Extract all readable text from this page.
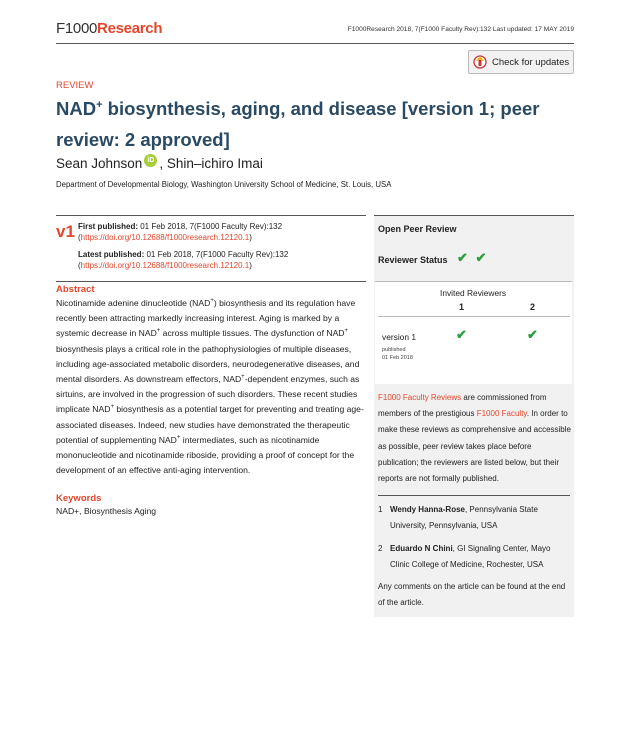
F1000Research	F1000Research 2018, 7(F1000 Faculty Rev):132 Last updated: 17 MAY 2019
Check for updates
REVIEW
NAD+ biosynthesis, aging, and disease [version 1; peer review: 2 approved]
Sean Johnson iD , Shin–ichiro Imai
Department of Developmental Biology, Washington University School of Medicine, St. Louis, USA
v1 First published: 01 Feb 2018, 7(F1000 Faculty Rev):132 (https://doi.org/10.12688/f1000research.12120.1)
Latest published: 01 Feb 2018, 7(F1000 Faculty Rev):132 (https://doi.org/10.12688/f1000research.12120.1)
Abstract
Nicotinamide adenine dinucleotide (NAD+) biosynthesis and its regulation have recently been attracting markedly increasing interest. Aging is marked by a systemic decrease in NAD+ across multiple tissues. The dysfunction of NAD+ biosynthesis plays a critical role in the pathophysiologies of multiple diseases, including age-associated metabolic disorders, neurodegenerative diseases, and mental disorders. As downstream effectors, NAD+-dependent enzymes, such as sirtuins, are involved in the progression of such disorders. These recent studies implicate NAD+ biosynthesis as a potential target for preventing and treating age-associated diseases. Indeed, new studies have demonstrated the therapeutic potential of supplementing NAD+ intermediates, such as nicotinamide mononucleotide and nicotinamide riboside, providing a proof of concept for the development of an effective anti-aging intervention.
Keywords
NAD+, Biosynthesis Aging
Open Peer Review
Reviewer Status ✔ ✔
Invited Reviewers
1	2
version 1
published
01 Feb 2018
✔	✔
F1000 Faculty Reviews are commissioned from members of the prestigious F1000 Faculty. In order to make these reviews as comprehensive and accessible as possible, peer review takes place before publication; the reviewers are listed below, but their reports are not formally published.
1 Wendy Hanna-Rose, Pennsylvania State University, Pennsylvania, USA
2 Eduardo N Chini, GI Signaling Center, Mayo Clinic College of Medicine, Rochester, USA
Any comments on the article can be found at the end of the article.
